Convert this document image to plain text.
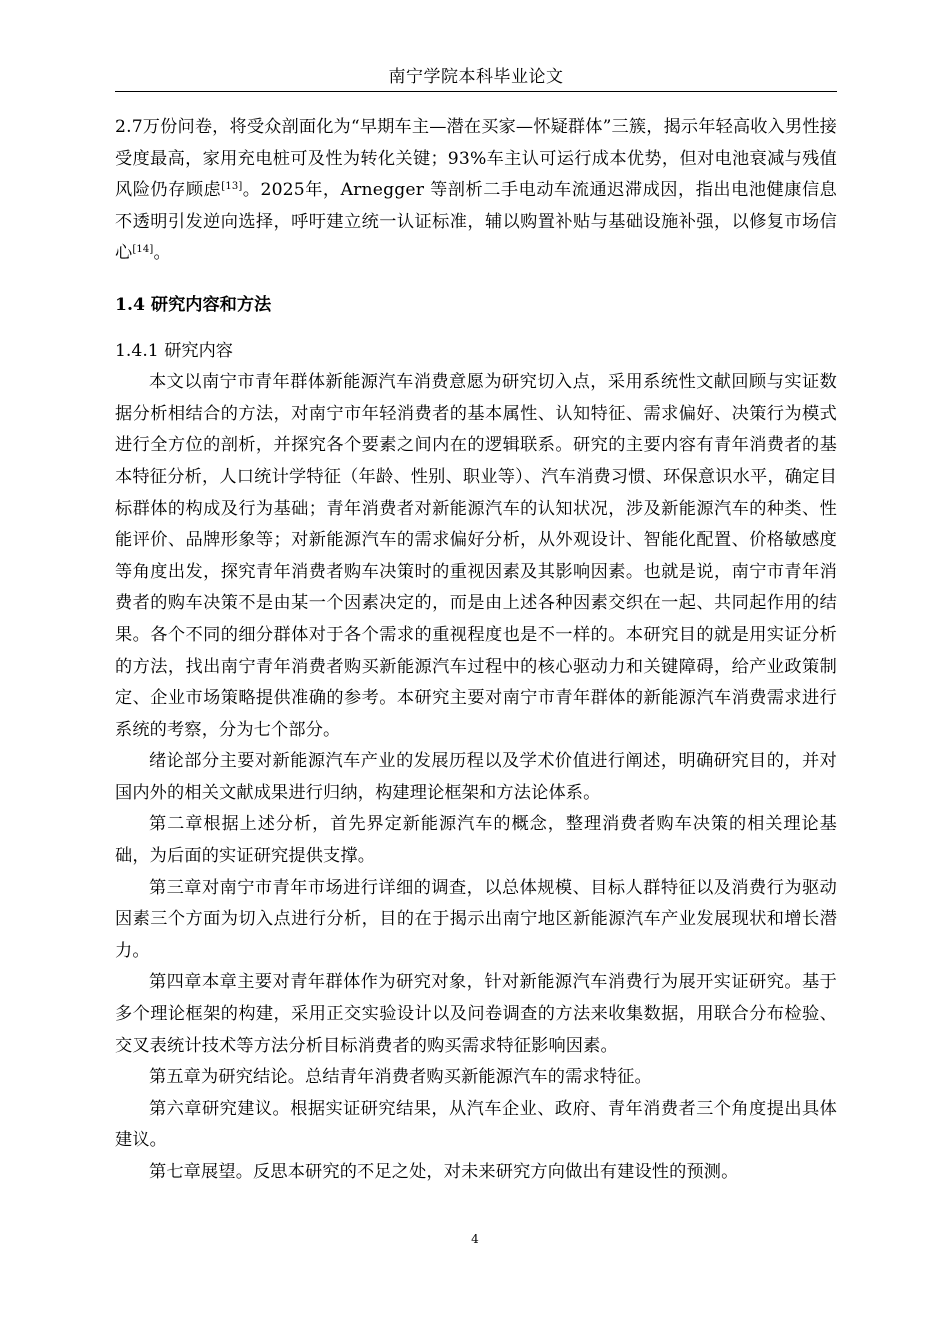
南宁学院本科毕业论文

2.7万份问卷，将受众剖面化为“早期车主—潜在买家—怀疑群体”三簇，揭示年轻高收入男性接受度最高，家用充电桩可及性为转化关键；93%车主认可运行成本优势，但对电池衰减与残值风险仍存顾虑[13]。2025年，Arnegger 等剖析二手电动车流通迟滞成因，指出电池健康信息不透明引发逆向选择，呼吁建立统一认证标准，辅以购置补贴与基础设施补强，以修复市场信心[14]。

1.4 研究内容和方法
1.4.1 研究内容

本文以南宁市青年群体新能源汽车消费意愿为研究切入点，采用系统性文献回顾与实证数据分析相结合的方法，对南宁市年轻消费者的基本属性、认知特征、需求偏好、决策行为模式进行全方位的剖析，并探究各个要素之间内在的逻辑联系。研究的主要内容有青年消费者的基本特征分析，人口统计学特征（年龄、性别、职业等）、汽车消费习惯、环保意识水平，确定目标群体的构成及行为基础；青年消费者对新能源汽车的认知状况，涉及新能源汽车的种类、性能评价、品牌形象等；对新能源汽车的需求偏好分析，从外观设计、智能化配置、价格敏感度等角度出发，探究青年消费者购车决策时的重视因素及其影响因素。也就是说，南宁市青年消费者的购车决策不是由某一个因素决定的，而是由上述各种因素交织在一起、共同起作用的结果。各个不同的细分群体对于各个需求的重视程度也是不一样的。本研究目的就是用实证分析的方法，找出南宁青年消费者购买新能源汽车过程中的核心驱动力和关键障碍，给产业政策制定、企业市场策略提供准确的参考。本研究主要对南宁市青年群体的新能源汽车消费需求进行系统的考察，分为七个部分。

绪论部分主要对新能源汽车产业的发展历程以及学术价值进行阐述，明确研究目的，并对国内外的相关文献成果进行归纳，构建理论框架和方法论体系。

第二章根据上述分析，首先界定新能源汽车的概念，整理消费者购车决策的相关理论基础，为后面的实证研究提供支撑。

第三章对南宁市青年市场进行详细的调查，以总体规模、目标人群特征以及消费行为驱动因素三个方面为切入点进行分析，目的在于揭示出南宁地区新能源汽车产业发展现状和增长潜力。

第四章本章主要对青年群体作为研究对象，针对新能源汽车消费行为展开实证研究。基于多个理论框架的构建，采用正交实验设计以及问卷调查的方法来收集数据，用联合分布检验、交叉表统计技术等方法分析目标消费者的购买需求特征影响因素。

第五章为研究结论。总结青年消费者购买新能源汽车的需求特征。

第六章研究建议。根据实证研究结果，从汽车企业、政府、青年消费者三个角度提出具体建议。

第七章展望。反思本研究的不足之处，对未来研究方向做出有建设性的预测。

4
